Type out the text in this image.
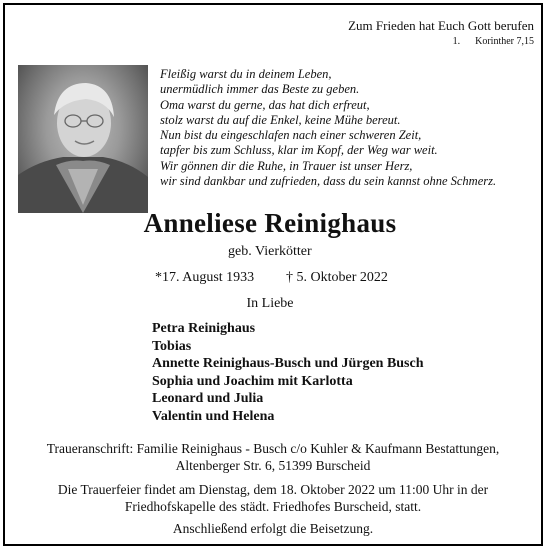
Zum Frieden hat Euch Gott berufen
1.      Korinther 7,15
Fleißig warst du in deinem Leben,
unermüdlich immer das Beste zu geben.
Oma warst du gerne, das hat dich erfreut,
stolz warst du auf die Enkel, keine Mühe bereut.
Nun bist du eingeschlafen nach einer schweren Zeit,
tapfer bis zum Schluss, klar im Kopf, der Weg war weit.
Wir gönnen dir die Ruhe, in Trauer ist unser Herz,
wir sind dankbar und zufrieden, dass du sein kannst ohne Schmerz.
Anneliese Reinighaus
geb. Vierkötter
*17. August 1933 † 5. Oktober 2022
In Liebe
Petra Reinighaus
Tobias
Annette Reinighaus-Busch und Jürgen Busch
Sophia und Joachim mit Karlotta
Leonard und Julia
Valentin und Helena
Traueranschrift: Familie Reinighaus - Busch c/o Kuhler & Kaufmann Bestattungen,
Altenberger Str. 6, 51399 Burscheid
Die Trauerfeier findet am Dienstag, dem 18. Oktober 2022 um 11:00 Uhr in der
Friedhofskapelle des städt. Friedhofes Burscheid, statt.
Anschließend erfolgt die Beisetzung.
